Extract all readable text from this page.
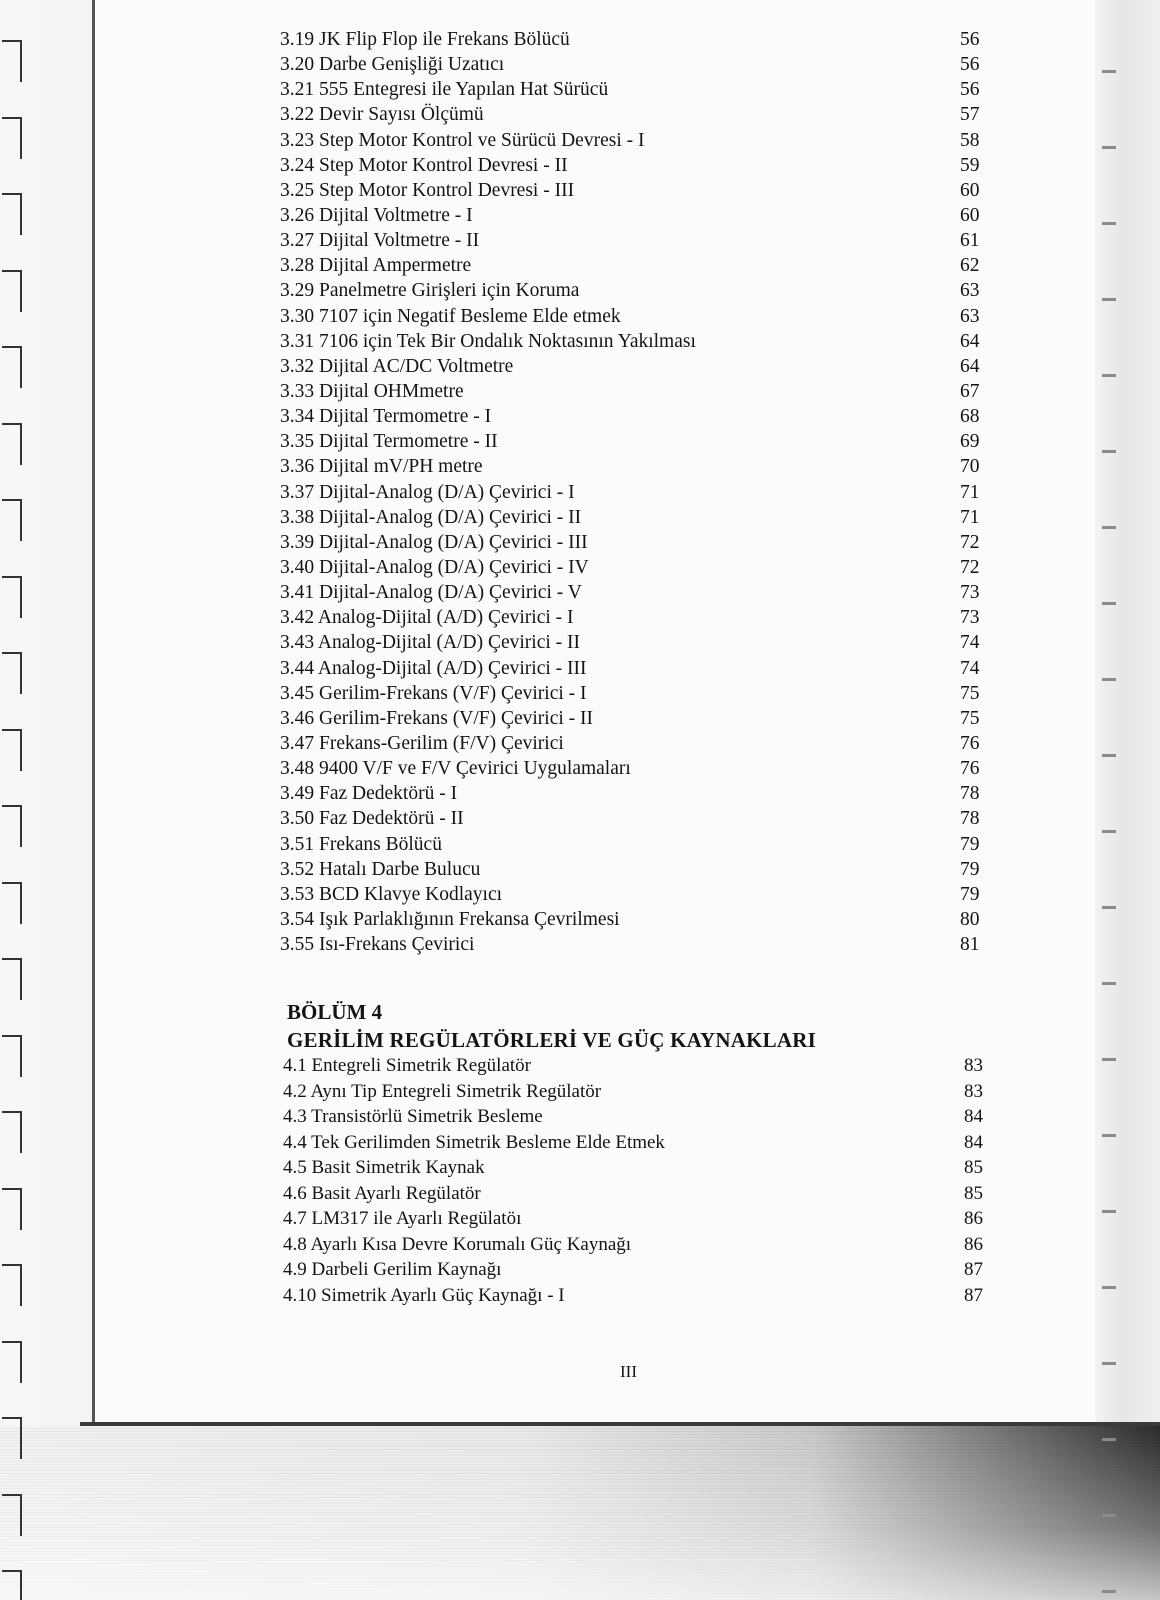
3.19 JK Flip Flop ile Frekans Bölücü	56
3.20 Darbe Genişliği Uzatıcı	56
3.21 555 Entegresi ile Yapılan Hat Sürücü	56
3.22 Devir Sayısı Ölçümü	57
3.23 Step Motor Kontrol ve Sürücü Devresi - I	58
3.24 Step Motor Kontrol Devresi - II	59
3.25 Step Motor Kontrol Devresi - III	60
3.26 Dijital Voltmetre - I	60
3.27 Dijital Voltmetre - II	61
3.28 Dijital Ampermetre	62
3.29 Panelmetre Girişleri için Koruma	63
3.30 7107 için Negatif Besleme Elde etmek	63
3.31 7106 için Tek Bir Ondalık Noktasının Yakılması	64
3.32 Dijital AC/DC Voltmetre	64
3.33 Dijital OHMmetre	67
3.34 Dijital Termometre - I	68
3.35 Dijital Termometre - II	69
3.36 Dijital mV/PH metre	70
3.37 Dijital-Analog (D/A) Çevirici - I	71
3.38 Dijital-Analog (D/A) Çevirici - II	71
3.39 Dijital-Analog (D/A) Çevirici - III	72
3.40 Dijital-Analog (D/A) Çevirici - IV	72
3.41 Dijital-Analog (D/A) Çevirici - V	73
3.42 Analog-Dijital (A/D) Çevirici - I	73
3.43 Analog-Dijital (A/D) Çevirici - II	74
3.44 Analog-Dijital (A/D) Çevirici - III	74
3.45 Gerilim-Frekans (V/F) Çevirici - I	75
3.46 Gerilim-Frekans (V/F) Çevirici - II	75
3.47 Frekans-Gerilim (F/V) Çevirici	76
3.48 9400 V/F ve F/V Çevirici Uygulamaları	76
3.49 Faz Dedektörü - I	78
3.50 Faz Dedektörü - II	78
3.51 Frekans Bölücü	79
3.52 Hatalı Darbe Bulucu	79
3.53 BCD Klavye Kodlayıcı	79
3.54 Işık Parlaklığının Frekansa Çevrilmesi	80
3.55 Isı-Frekans Çevirici	81
BÖLÜM 4
GERİLİM REGÜLATÖRLERİ VE GÜÇ KAYNAKLARI
4.1 Entegreli Simetrik Regülatör	83
4.2 Aynı Tip Entegreli Simetrik Regülatör	83
4.3 Transistörlü Simetrik Besleme	84
4.4 Tek Gerilimden Simetrik Besleme Elde Etmek	84
4.5 Basit Simetrik Kaynak	85
4.6 Basit Ayarlı Regülatör	85
4.7 LM317 ile Ayarlı Regülatöı	86
4.8 Ayarlı Kısa Devre Korumalı Güç Kaynağı	86
4.9 Darbeli Gerilim Kaynağı	87
4.10 Simetrik Ayarlı Güç Kaynağı - I	87
III
